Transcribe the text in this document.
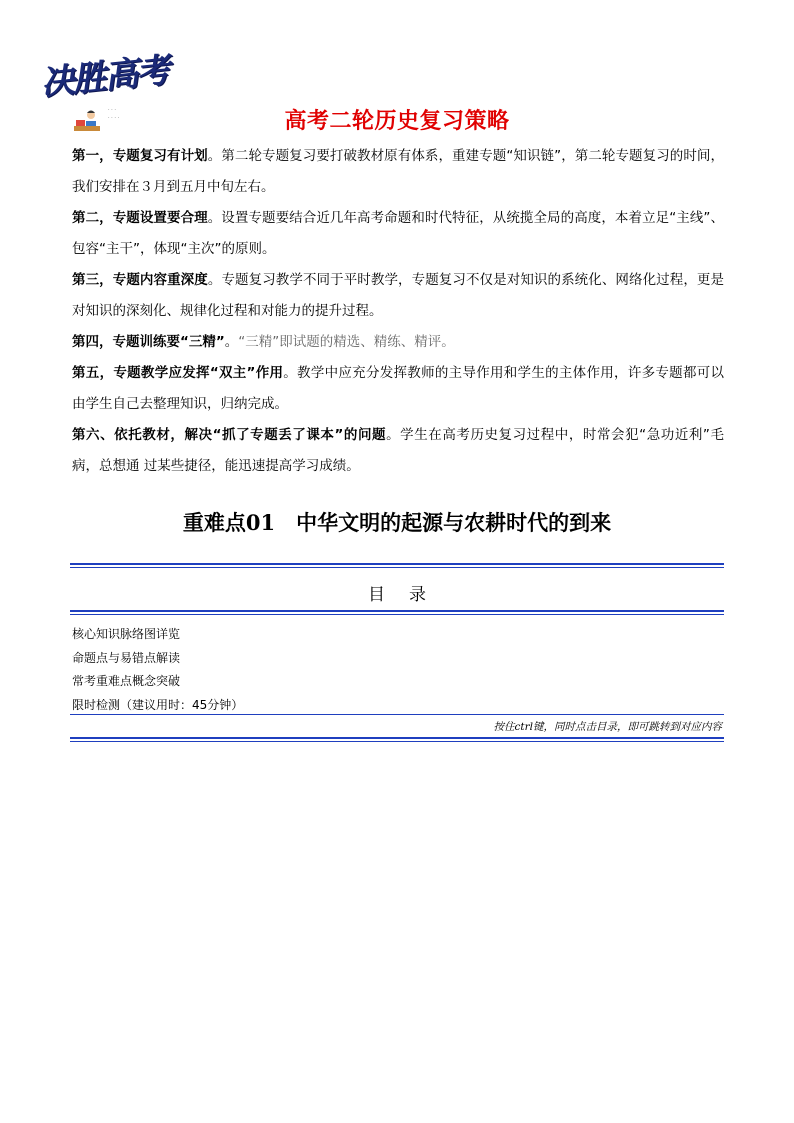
决胜高考
· · ·
· · · ·	高考二轮历史复习策略

第一，专题复习有计划。第二轮专题复习要打破教材原有体系，重建专题“知识链”，第二轮专题复习的时间，我们安排在３月到五月中旬左右。

第二，专题设置要合理。设置专题要结合近几年高考命题和时代特征，从统揽全局的高度，本着立足“主线”、包容“主干”，体现“主次”的原则。

第三，专题内容重深度。专题复习教学不同于平时教学，专题复习不仅是对知识的系统化、网络化过程，更是对知识的深刻化、规律化过程和对能力的提升过程。

第四，专题训练要“三精”。“三精”即试题的精选、精练、精评。

第五，专题教学应发挥“双主”作用。教学中应充分发挥教师的主导作用和学生的主体作用，许多专题都可以由学生自己去整理知识，归纳完成。

第六、依托教材，解决“抓了专题丢了课本”的问题。学生在高考历史复习过程中，时常会犯“急功近利”毛病，总想通 过某些捷径，能迅速提高学习成绩。

重难点01　中华文明的起源与农耕时代的到来
目录
核心知识脉络图详览
命题点与易错点解读
常考重难点概念突破
限时检测（建议用时：45分钟）
按住ctrl键，同时点击目录，即可跳转到对应内容
